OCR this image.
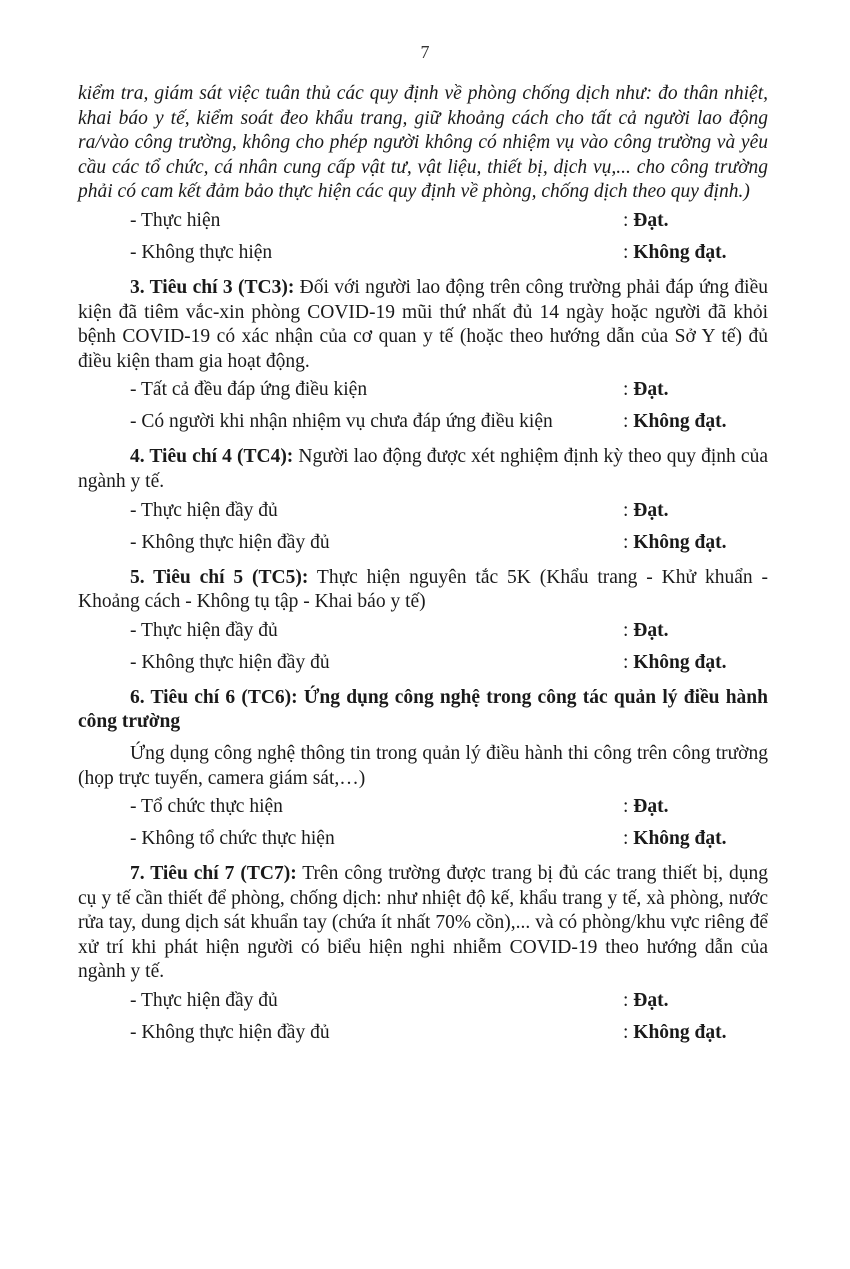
7

kiểm tra, giám sát việc tuân thủ các quy định về phòng chống dịch như: đo thân nhiệt, khai báo y tế, kiểm soát đeo khẩu trang, giữ khoảng cách cho tất cả người lao động ra/vào công trường, không cho phép người không có nhiệm vụ vào công trường và yêu cầu các tổ chức, cá nhân cung cấp vật tư, vật liệu, thiết bị, dịch vụ,... cho công trường phải có cam kết đảm bảo thực hiện các quy định về phòng, chống dịch theo quy định.)

- Thực hiện	: Đạt.
- Không thực hiện	: Không đạt.

3. Tiêu chí 3 (TC3): Đối với người lao động trên công trường phải đáp ứng điều kiện đã tiêm vắc-xin phòng COVID-19 mũi thứ nhất đủ 14 ngày hoặc người đã khỏi bệnh COVID-19 có xác nhận của cơ quan y tế (hoặc theo hướng dẫn của Sở Y tế) đủ điều kiện tham gia hoạt động.

- Tất cả đều đáp ứng điều kiện	: Đạt.
- Có người khi nhận nhiệm vụ chưa đáp ứng điều kiện	: Không đạt.

4. Tiêu chí 4 (TC4): Người lao động được xét nghiệm định kỳ theo quy định của ngành y tế.

- Thực hiện đầy đủ	: Đạt.
- Không thực hiện đầy đủ	: Không đạt.

5. Tiêu chí 5 (TC5): Thực hiện nguyên tắc 5K (Khẩu trang - Khử khuẩn - Khoảng cách - Không tụ tập - Khai báo y tế)

- Thực hiện đầy đủ	: Đạt.
- Không thực hiện đầy đủ	: Không đạt.

6. Tiêu chí 6 (TC6): Ứng dụng công nghệ trong công tác quản lý điều hành công trường

Ứng dụng công nghệ thông tin trong quản lý điều hành thi công trên công trường (họp trực tuyến, camera giám sát,…)

- Tổ chức thực hiện	: Đạt.
- Không tổ chức thực hiện	: Không đạt.

7. Tiêu chí 7 (TC7): Trên công trường được trang bị đủ các trang thiết bị, dụng cụ y tế cần thiết để phòng, chống dịch: như nhiệt độ kế, khẩu trang y tế, xà phòng, nước rửa tay, dung dịch sát khuẩn tay (chứa ít nhất 70% cồn),... và có phòng/khu vực riêng để xử trí khi phát hiện người có biểu hiện nghi nhiễm COVID-19 theo hướng dẫn của ngành y tế.

- Thực hiện đầy đủ	: Đạt.
- Không thực hiện đầy đủ	: Không đạt.
